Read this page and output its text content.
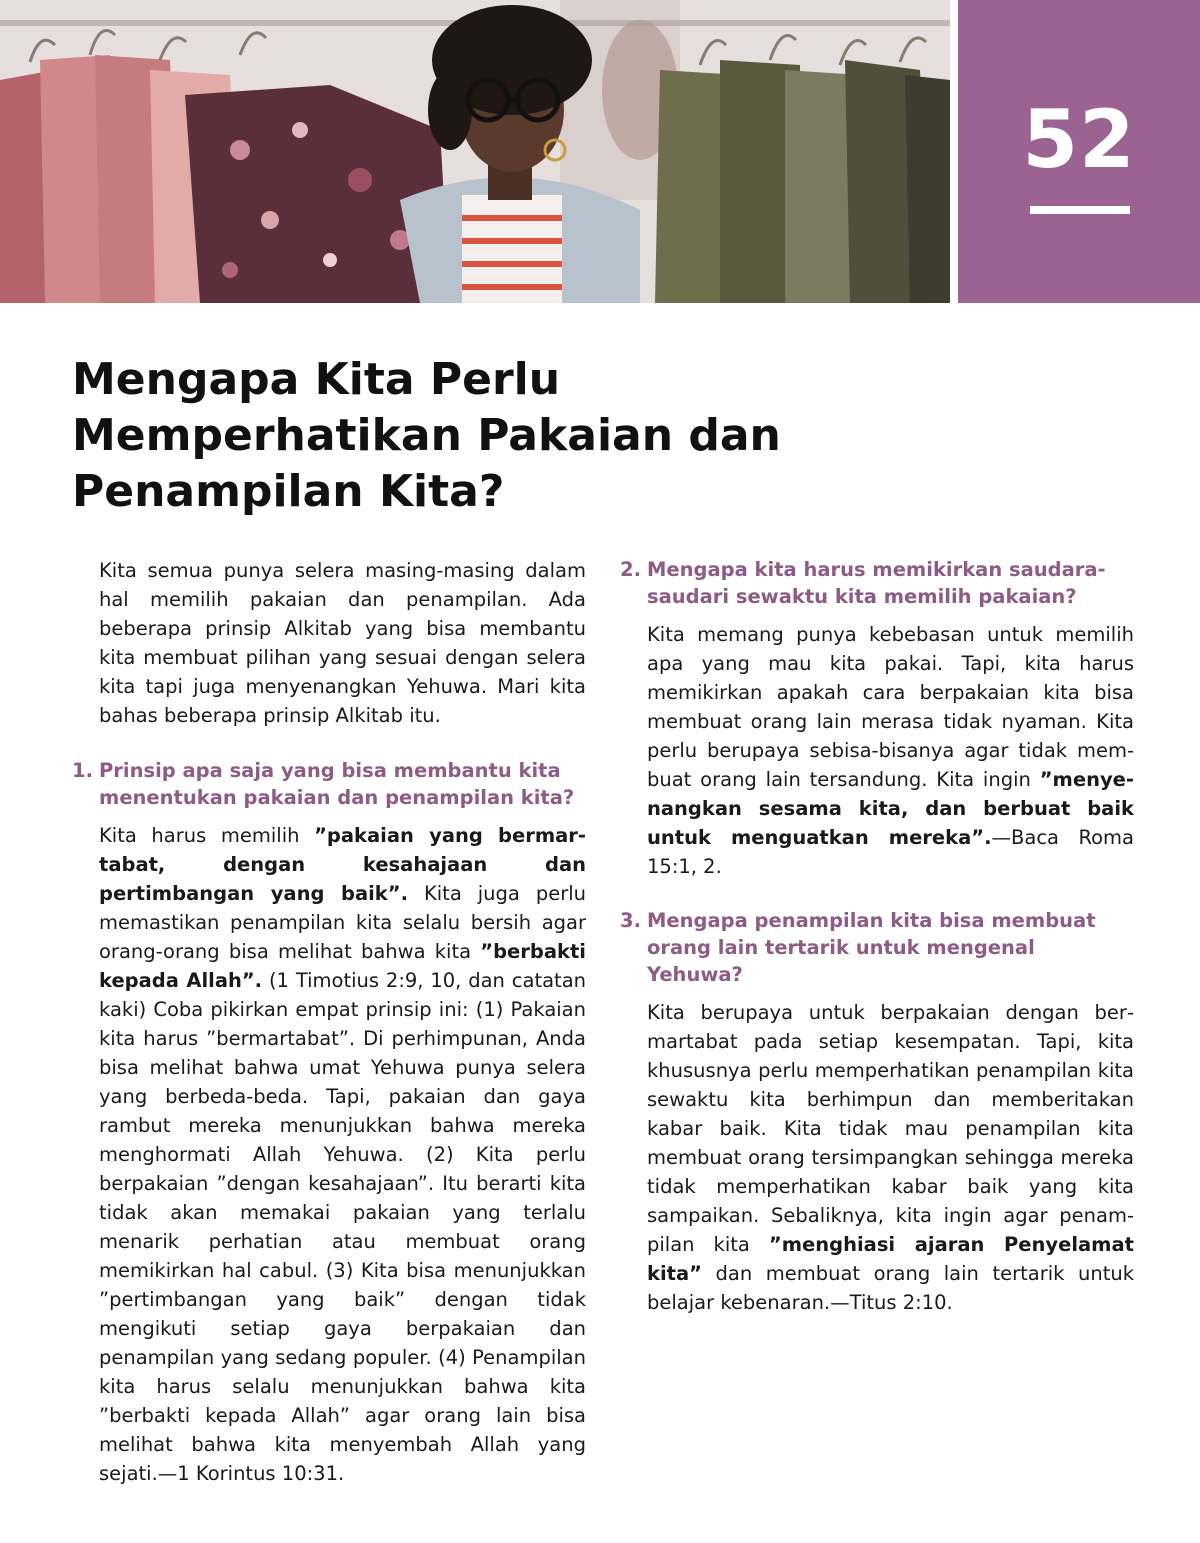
52
Mengapa Kita Perlu Memperhatikan Pakaian dan Penampilan Kita?

Kita semua punya selera masing-masing dalam hal memilih pakaian dan penampilan. Ada beberapa prinsip Alkitab yang bisa membantu kita membuat pilihan yang sesuai dengan selera kita tapi juga menyenangkan Yehuwa. Mari kita bahas beberapa prinsip Alkitab itu.

1. Prinsip apa saja yang bisa membantu kita menentukan pakaian dan penampilan kita?

Kita harus memilih ”pakaian yang bermartabat, dengan kesahajaan dan pertimbangan yang baik”. Kita juga perlu memastikan penampilan kita selalu bersih agar orang-orang bisa melihat bahwa kita ”berbakti kepada Allah”. (1 Timotius 2:9, 10, dan catatan kaki) Coba pikirkan empat prinsip ini: (1) Pakaian kita harus ”bermartabat”. Di perhimpunan, Anda bisa melihat bahwa umat Yehuwa punya selera yang berbeda-beda. Tapi, pakaian dan gaya rambut mereka menunjukkan bahwa mereka menghormati Allah Yehuwa. (2) Kita perlu berpakaian ”dengan kesahajaan”. Itu berarti kita tidak akan memakai pakaian yang terlalu menarik perhatian atau membuat orang memikirkan hal cabul. (3) Kita bisa menunjukkan ”pertimbangan yang baik” dengan tidak mengikuti setiap gaya berpakaian dan penampilan yang sedang populer. (4) Penampilan kita harus selalu menunjukkan bahwa kita ”berbakti kepada Allah” agar orang lain bisa melihat bahwa kita menyembah Allah yang sejati.—1 Korintus 10:31.

2. Mengapa kita harus memikirkan saudara-saudari sewaktu kita memilih pakaian?

Kita memang punya kebebasan untuk memilih apa yang mau kita pakai. Tapi, kita harus memikirkan apakah cara berpakaian kita bisa membuat orang lain merasa tidak nyaman. Kita perlu berupaya sebisa-bisanya agar tidak membuat orang lain tersandung. Kita ingin ”menyenangkan sesama kita, dan berbuat baik untuk menguatkan mereka”.—Baca Roma 15:1, 2.

3. Mengapa penampilan kita bisa membuat orang lain tertarik untuk mengenal Yehuwa?

Kita berupaya untuk berpakaian dengan bermartabat pada setiap kesempatan. Tapi, kita khususnya perlu memperhatikan penampilan kita sewaktu kita berhimpun dan memberitakan kabar baik. Kita tidak mau penampilan kita membuat orang tersimpangkan sehingga mereka tidak memperhatikan kabar baik yang kita sampaikan. Sebaliknya, kita ingin agar penampilan kita ”menghiasi ajaran Penyelamat kita” dan membuat orang lain tertarik untuk belajar kebenaran.—Titus 2:10.
